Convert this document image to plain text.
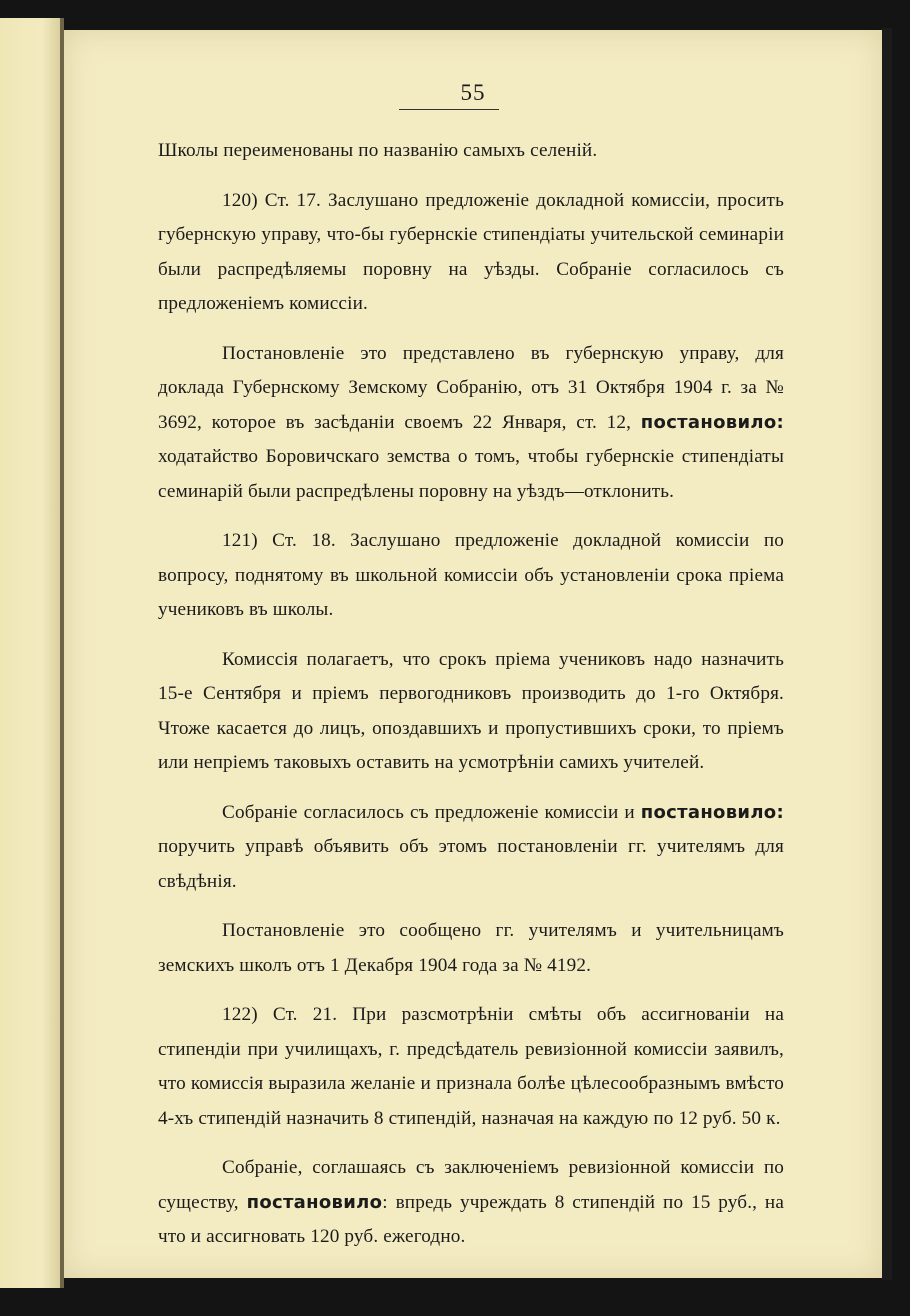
55

Школы переименованы по названію самыхъ селеній.

120) Ст. 17. Заслушано предложеніе докладной комиссіи, просить губернскую управу, что-бы губернскіе стипендіаты учительской семинаріи были распредѣляемы поровну на уѣзды. Собраніе согласилось съ предложеніемъ комиссіи.

Постановленіе это представлено въ губернскую управу, для доклада Губернскому Земскому Собранію, отъ 31 Октября 1904 г. за № 3692, которое въ засѣданіи своемъ 22 Января, ст. 12, постановило: ходатайство Боровичскаго земства о томъ, чтобы губернскіе стипендіаты семинарій были распредѣлены поровну на уѣздъ—отклонить.

121) Ст. 18. Заслушано предложеніе докладной комиссіи по вопросу, поднятому въ школьной комиссіи объ установленіи срока пріема учениковъ въ школы.

Комиссія полагаетъ, что срокъ пріема учениковъ надо назначить 15-е Сентября и пріемъ первогодниковъ производить до 1-го Октября. Чтоже касается до лицъ, опоздавшихъ и пропустившихъ сроки, то пріемъ или непріемъ таковыхъ оставить на усмотрѣніи самихъ учителей.

Собраніе согласилось съ предложеніе комиссіи и постановило: поручить управѣ объявить объ этомъ постановленіи гг. учителямъ для свѣдѣнія.

Постановленіе это сообщено гг. учителямъ и учительницамъ земскихъ школъ отъ 1 Декабря 1904 года за № 4192.

122) Ст. 21. При разсмотрѣніи смѣты объ ассигнованіи на стипендіи при училищахъ, г. предсѣдатель ревизіонной комиссіи заявилъ, что комиссія выразила желаніе и признала болѣе цѣлесообразнымъ вмѣсто 4-хъ стипендій назначить 8 стипендій, назначая на каждую по 12 руб. 50 к.

Собраніе, соглашаясь съ заключеніемъ ревизіонной комиссіи по существу, постановило: впредь учреждать 8 стипендій по 15 руб., на что и ассигновать 120 руб. ежегодно.
